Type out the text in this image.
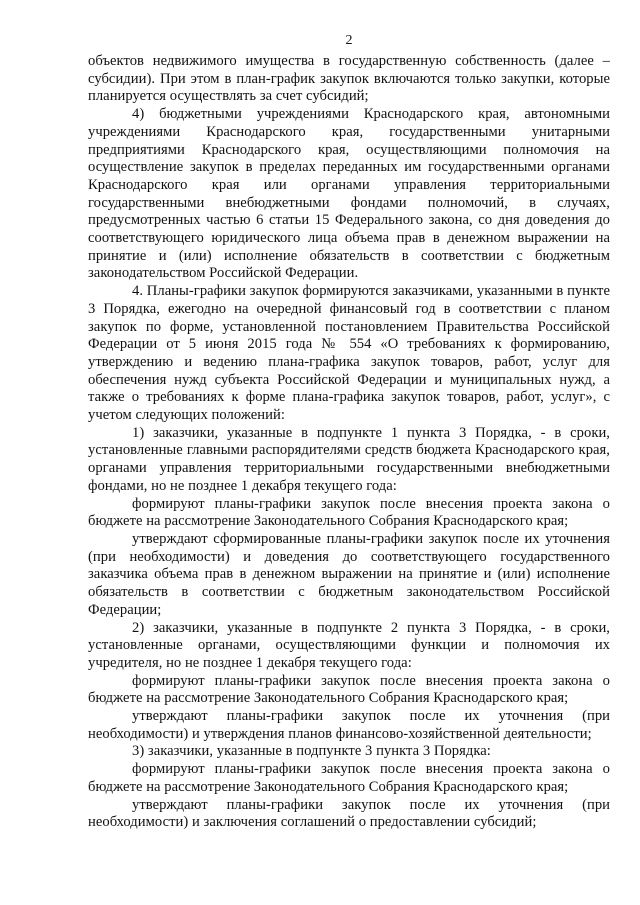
2

объектов недвижимого имущества в государственную собственность (далее – субсидии). При этом в план-график закупок включаются только закупки, которые планируется осуществлять за счет субсидий;

4) бюджетными учреждениями Краснодарского края, автономными учреждениями Краснодарского края, государственными унитарными предприятиями Краснодарского края, осуществляющими полномочия на осуществление закупок в пределах переданных им государственными органами Краснодарского края или органами управления территориальными государственными внебюджетными фондами полномочий, в случаях, предусмотренных частью 6 статьи 15 Федерального закона, со дня доведения до соответствующего юридического лица объема прав в денежном выражении на принятие и (или) исполнение обязательств в соответствии с бюджетным законодательством Российской Федерации.

4. Планы-графики закупок формируются заказчиками, указанными в пункте 3 Порядка, ежегодно на очередной финансовый год в соответствии с планом закупок по форме, установленной постановлением Правительства Российской Федерации от 5 июня 2015 года № 554 «О требованиях к формированию, утверждению и ведению плана-графика закупок товаров, работ, услуг для обеспечения нужд субъекта Российской Федерации и муниципальных нужд, а также о требованиях к форме плана-графика закупок товаров, работ, услуг», с учетом следующих положений:

1) заказчики, указанные в подпункте 1 пункта 3 Порядка, - в сроки, установленные главными распорядителями средств бюджета Краснодарского края, органами управления территориальными государственными внебюджетными фондами, но не позднее 1 декабря текущего года:

формируют планы-графики закупок после внесения проекта закона о бюджете на рассмотрение Законодательного Собрания Краснодарского края;

утверждают сформированные планы-графики закупок после их уточнения (при необходимости) и доведения до соответствующего государственного заказчика объема прав в денежном выражении на принятие и (или) исполнение обязательств в соответствии с бюджетным законодательством Российской Федерации;

2) заказчики, указанные в подпункте 2 пункта 3 Порядка, - в сроки, установленные органами, осуществляющими функции и полномочия их учредителя, но не позднее 1 декабря текущего года:

формируют планы-графики закупок после внесения проекта закона о бюджете на рассмотрение Законодательного Собрания Краснодарского края;

утверждают планы-графики закупок после их уточнения (при необходимости) и утверждения планов финансово-хозяйственной деятельности;

3) заказчики, указанные в подпункте 3 пункта 3 Порядка:

формируют планы-графики закупок после внесения проекта закона о бюджете на рассмотрение Законодательного Собрания Краснодарского края;

утверждают планы-графики закупок после их уточнения (при необходимости) и заключения соглашений о предоставлении субсидий;
